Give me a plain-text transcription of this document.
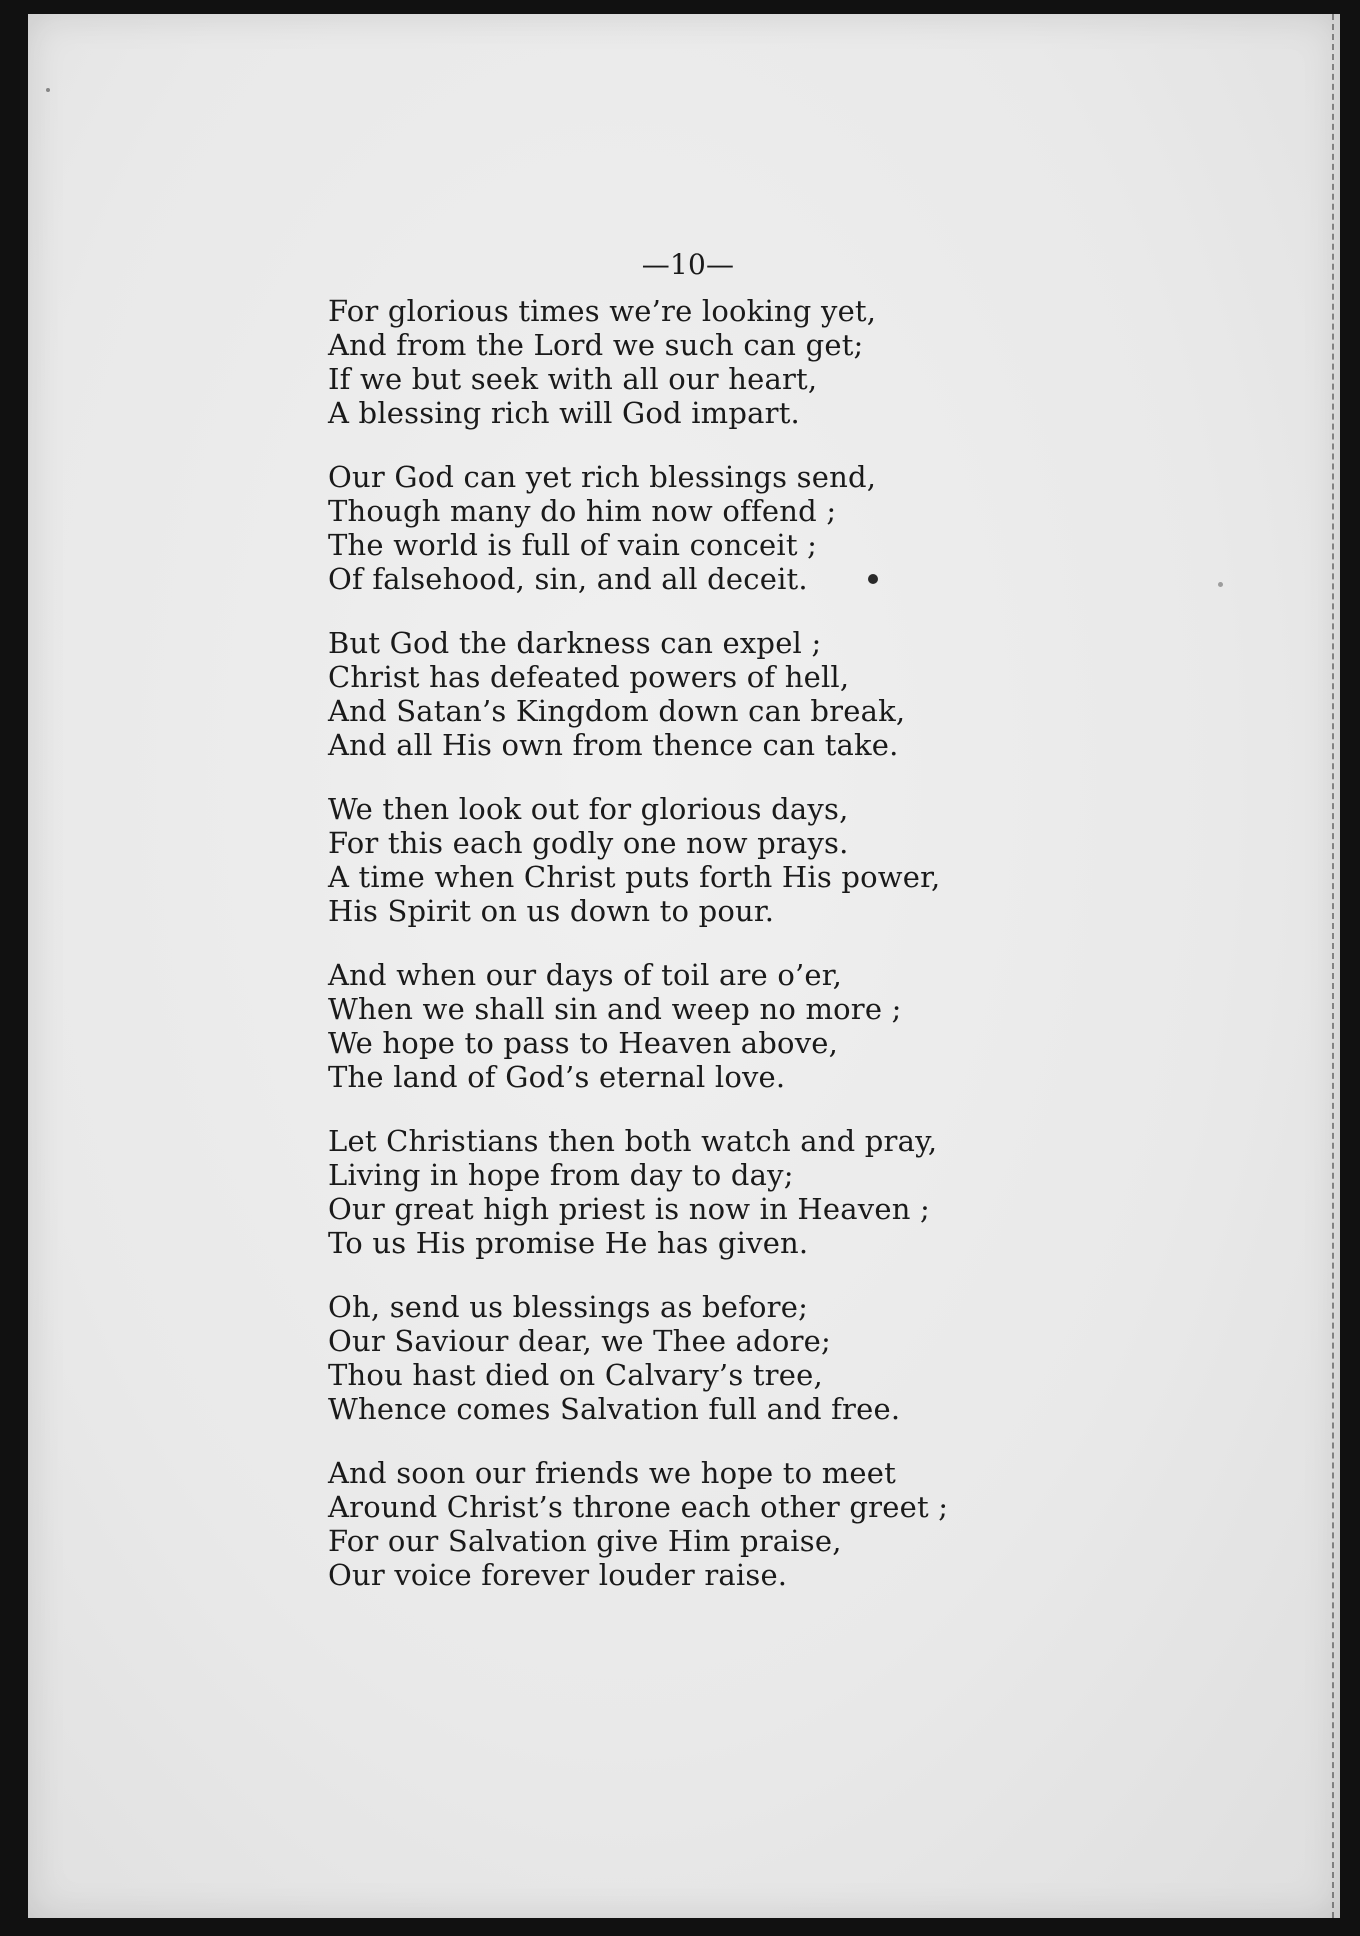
—10—
For glorious times we’re looking yet,
And from the Lord we such can get;
If we but seek with all our heart,
A blessing rich will God impart.
Our God can yet rich blessings send,
Though many do him now offend ;
The world is full of vain conceit ;
Of falsehood, sin, and all deceit.
But God the darkness can expel ;
Christ has defeated powers of hell,
And Satan’s Kingdom down can break,
And all His own from thence can take.
We then look out for glorious days,
For this each godly one now prays.
A time when Christ puts forth His power,
His Spirit on us down to pour.
And when our days of toil are o’er,
When we shall sin and weep no more ;
We hope to pass to Heaven above,
The land of God’s eternal love.
Let Christians then both watch and pray,
Living in hope from day to day;
Our great high priest is now in Heaven ;
To us His promise He has given.
Oh, send us blessings as before;
Our Saviour dear, we Thee adore;
Thou hast died on Calvary’s tree,
Whence comes Salvation full and free.
And soon our friends we hope to meet
Around Christ’s throne each other greet ;
For our Salvation give Him praise,
Our voice forever louder raise.
